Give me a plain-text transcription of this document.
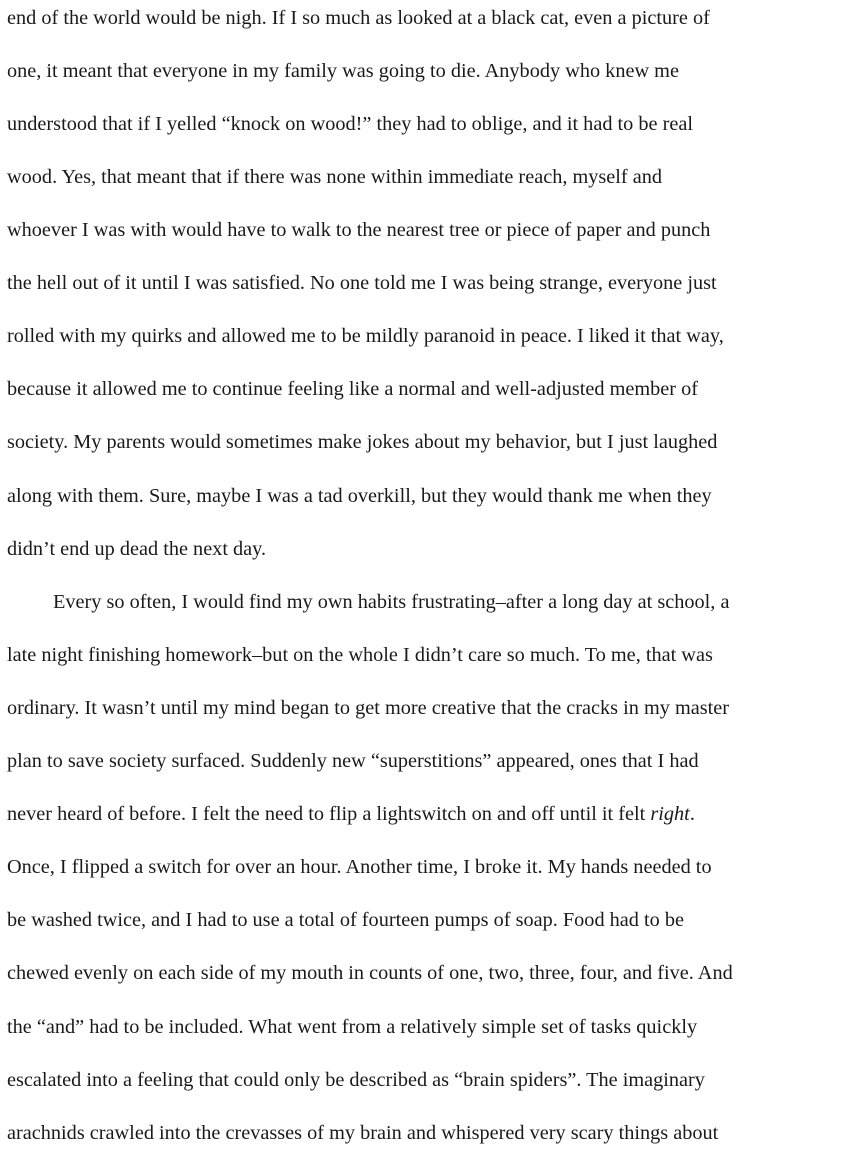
end of the world would be nigh. If I so much as looked at a black cat, even a picture of
one, it meant that everyone in my family was going to die. Anybody who knew me
understood that if I yelled “knock on wood!” they had to oblige, and it had to be real
wood. Yes, that meant that if there was none within immediate reach, myself and
whoever I was with would have to walk to the nearest tree or piece of paper and punch
the hell out of it until I was satisfied. No one told me I was being strange, everyone just
rolled with my quirks and allowed me to be mildly paranoid in peace. I liked it that way,
because it allowed me to continue feeling like a normal and well-adjusted member of
society. My parents would sometimes make jokes about my behavior, but I just laughed
along with them. Sure, maybe I was a tad overkill, but they would thank me when they
didn’t end up dead the next day.
Every so often, I would find my own habits frustrating–after a long day at school, a
late night finishing homework–but on the whole I didn’t care so much. To me, that was
ordinary. It wasn’t until my mind began to get more creative that the cracks in my master
plan to save society surfaced. Suddenly new “superstitions” appeared, ones that I had
never heard of before. I felt the need to flip a lightswitch on and off until it felt right.
Once, I flipped a switch for over an hour. Another time, I broke it. My hands needed to
be washed twice, and I had to use a total of fourteen pumps of soap. Food had to be
chewed evenly on each side of my mouth in counts of one, two, three, four, and five. And
the “and” had to be included. What went from a relatively simple set of tasks quickly
escalated into a feeling that could only be described as “brain spiders”. The imaginary
arachnids crawled into the crevasses of my brain and whispered very scary things about
